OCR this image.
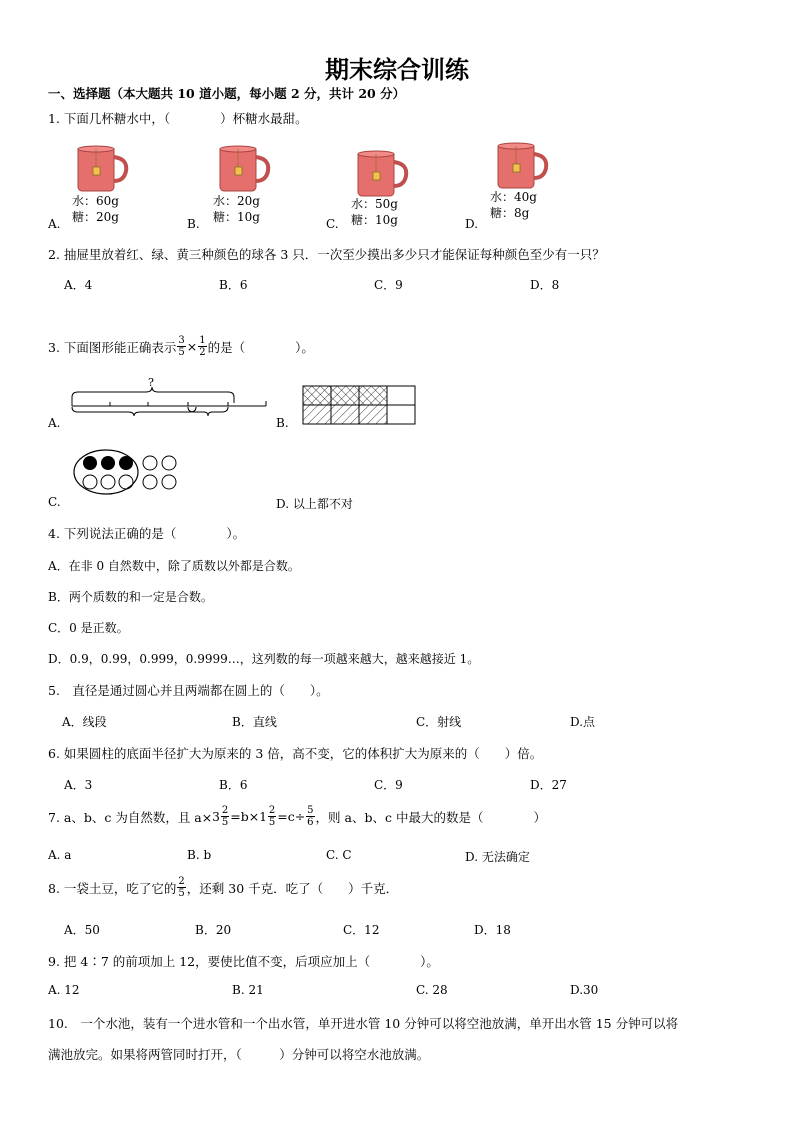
期末综合训练
一、选择题（本大题共 10 道小题，每小题 2 分，共计 20 分）
1. 下面几杯糖水中，（　　　　）杯糖水最甜。
水：60g
糖：20g
A.
水：20g
糖：10g
B.
水：50g
糖：10g
C.
水：40g
糖：8g
D.
2. 抽屉里放着红、绿、黄三种颜色的球各 3 只．一次至少摸出多少只才能保证每种颜色至少有一只？
A．4	B．6	C．9	D．8
3. 下面图形能正确表示 $\frac{3}{5} \times \frac{1}{2}$ 的是（　　　　）。
?
A.	B.
C.	D. 以上都不对
4. 下列说法正确的是（　　　　）。
A．在非 0 自然数中，除了质数以外都是合数。
B．两个质数的和一定是合数。
C．0 是正数。
D．0.9，0.99，0.999，0.9999…，这列数的每一项越来越大，越来越接近 1。
5.　直径是通过圆心并且两端都在圆上的（　　）。
A．线段	B．直线	C．射线	D.点
6. 如果圆柱的底面半径扩大为原来的 3 倍，高不变，它的体积扩大为原来的（　　）倍。
A．3	B．6	C．9	D．27
7. a、b、c 为自然数，且 $a\times 3 \frac{2}{5} =b\times 1 \frac{2}{5} =c\div \frac{5}{6}$ ，则 a、b、c 中最大的数是（　　　　）
A. a	B. b	C. C	D. 无法确定
8. 一袋土豆，吃了它的 $\frac{2}{5}$ ，还剩 30 千克．吃了（　　）千克．
A．50	B．20	C．12	D．18
9. 把 4∶7 的前项加上 12，要使比值不变，后项应加上（　　　　）。
A. 12	B. 21	C. 28	D.30
10.　一个水池，装有一个进水管和一个出水管，单开进水管 10 分钟可以将空池放满，单开出水管 15 分钟可以将
满池放完。如果将两管同时打开，（　　　）分钟可以将空水池放满。
